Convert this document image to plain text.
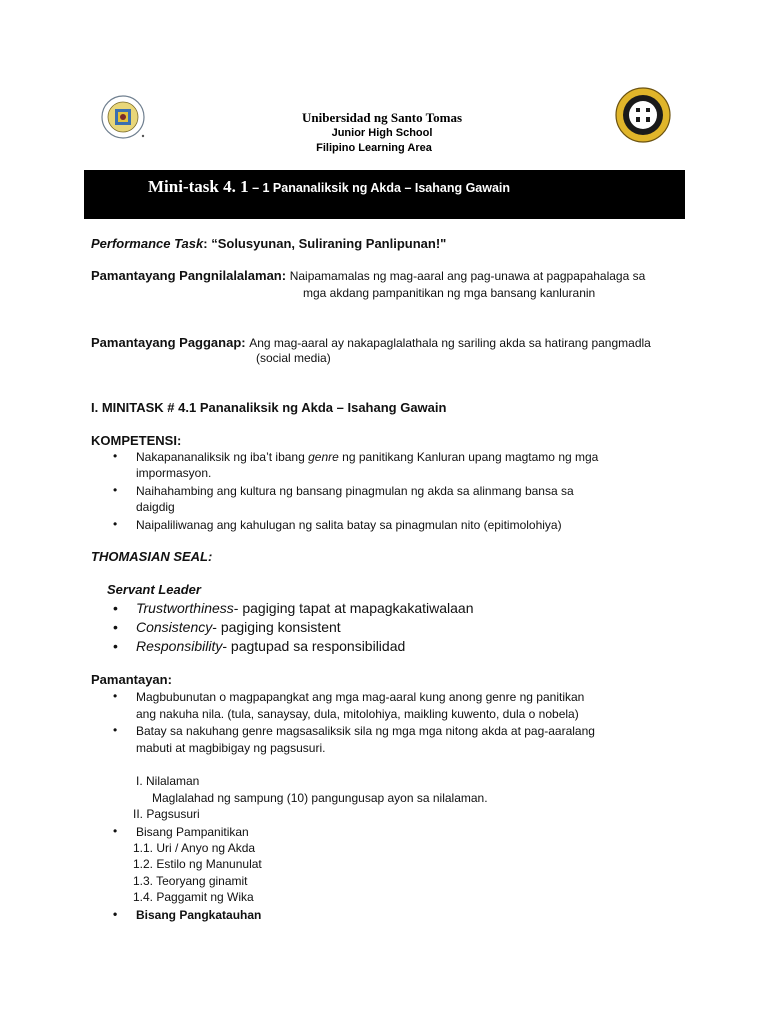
Unibersidad ng Santo Tomas
Junior High School
Filipino Learning Area
Mini-task 4. 1 – 1 Pananaliksik ng Akda – Isahang Gawain
Performance Task: “Solusyunan, Suliraning Panlipunan!"
Pamantayang Pangnilalalaman: Naipamamalas ng mag-aaral ang pag-unawa at pagpapahalaga sa
mga akdang pampanitikan ng mga bansang kanluranin
Pamantayang Pagganap: Ang mag-aaral ay nakapaglalathala ng sariling akda sa hatirang pangmadla
(social media)
I. MINITASK # 4.1 Pananaliksik ng Akda – Isahang Gawain
KOMPETENSI:
• Nakapananaliksik ng iba’t ibang genre ng panitikang Kanluran upang magtamo ng mga
impormasyon.
• Naihahambing ang kultura ng bansang pinagmulan ng akda sa alinmang bansa sa
daigdig
• Naipaliliwanag ang kahulugan ng salita batay sa pinagmulan nito (epitimolohiya)
THOMASIAN SEAL:
Servant Leader
• Trustworthiness- pagiging tapat at mapagkakatiwalaan
• Consistency- pagiging konsistent
• Responsibility- pagtupad sa responsibilidad
Pamantayan:
• Magbubunutan o magpapangkat ang mga mag-aaral kung anong genre ng panitikan
ang nakuha nila. (tula, sanaysay, dula, mitolohiya, maikling kuwento, dula o nobela)
• Batay sa nakuhang genre magsasaliksik sila ng mga mga nitong akda at pag-aaralang
mabuti at magbibigay ng pagsusuri.
I. Nilalaman
Maglalahad ng sampung (10) pangungusap ayon sa nilalaman.
II. Pagsusuri
• Bisang Pampanitikan
1.1. Uri / Anyo ng Akda
1.2. Estilo ng Manunulat
1.3. Teoryang ginamit
1.4. Paggamit ng Wika
• Bisang Pangkatauhan
